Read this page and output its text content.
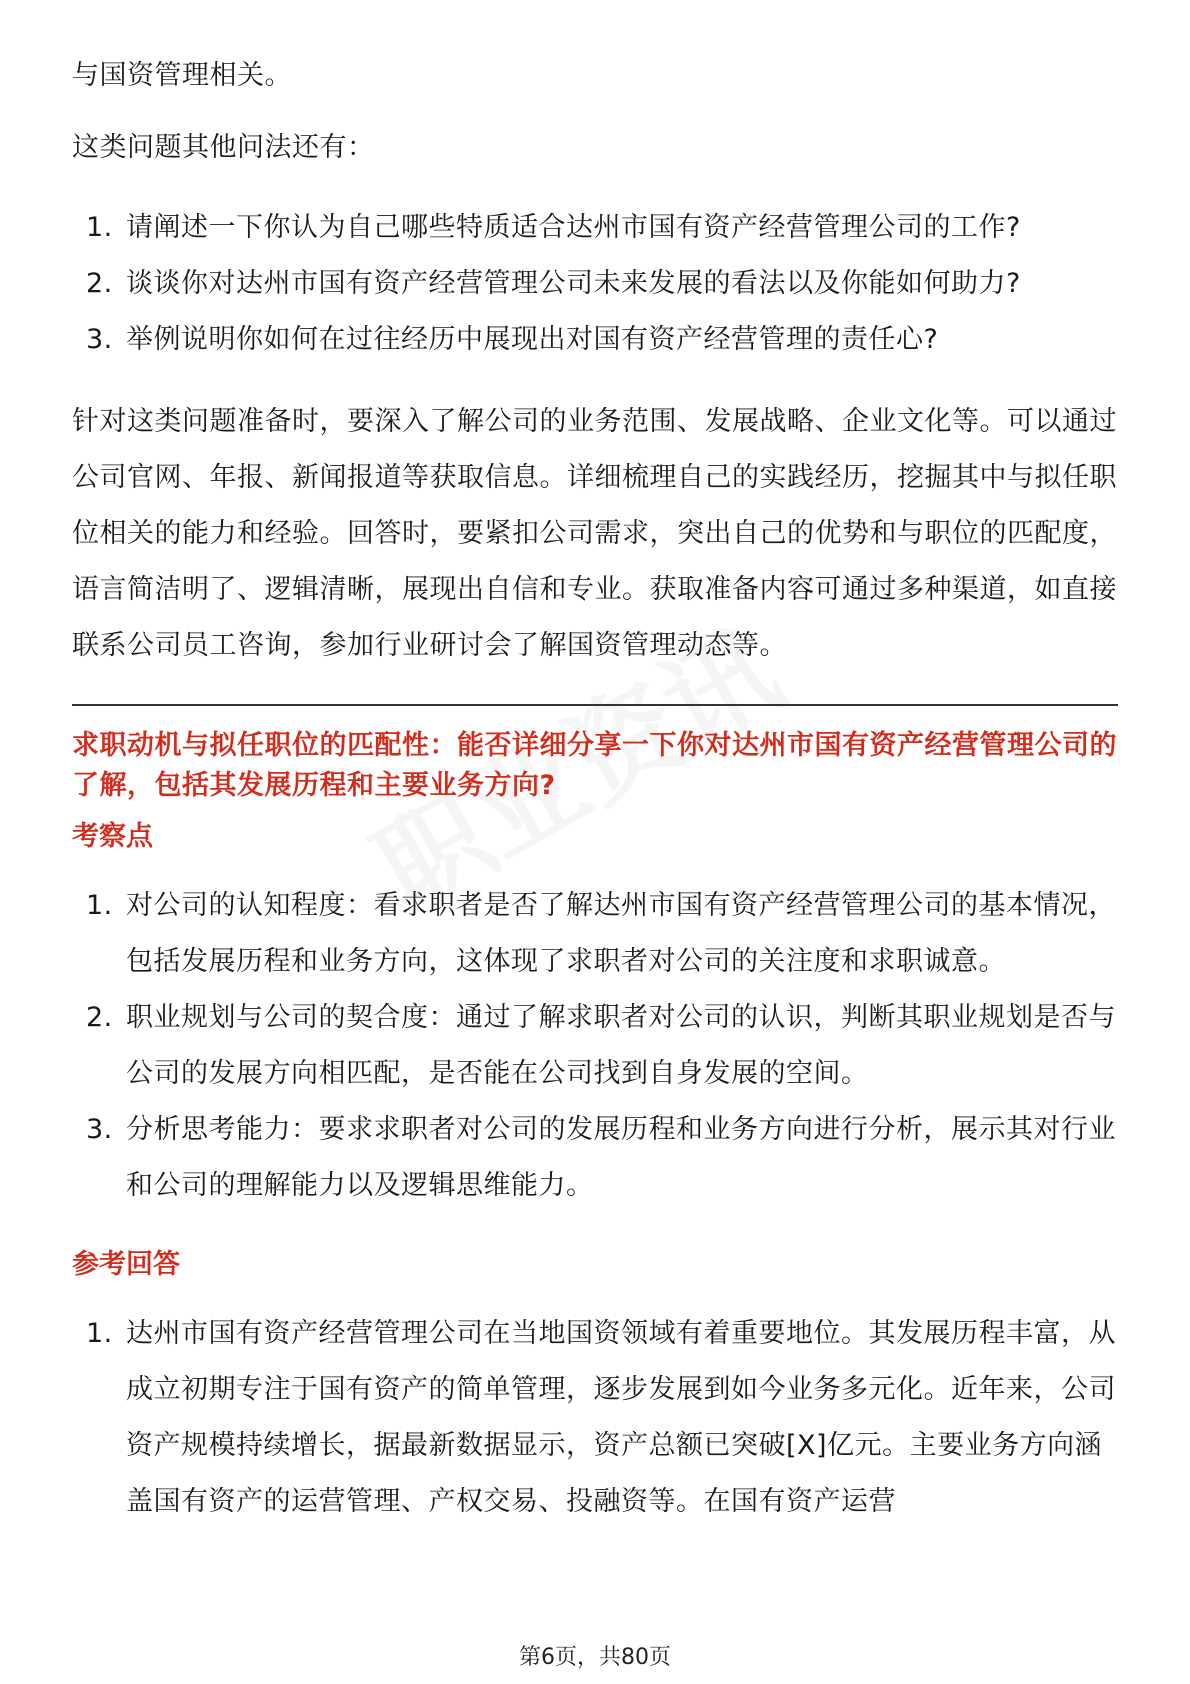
与国资管理相关。

这类问题其他问法还有：

1. 请阐述一下你认为自己哪些特质适合达州市国有资产经营管理公司的工作?
2. 谈谈你对达州市国有资产经营管理公司未来发展的看法以及你能如何助力?
3. 举例说明你如何在过往经历中展现出对国有资产经营管理的责任心?

针对这类问题准备时，要深入了解公司的业务范围、发展战略、企业文化等。可以通过公司官网、年报、新闻报道等获取信息。详细梳理自己的实践经历，挖掘其中与拟任职位相关的能力和经验。回答时，要紧扣公司需求，突出自己的优势和与职位的匹配度，语言简洁明了、逻辑清晰，展现出自信和专业。获取准备内容可通过多种渠道，如直接联系公司员工咨询，参加行业研讨会了解国资管理动态等。

求职动机与拟任职位的匹配性：能否详细分享一下你对达州市国有资产经营管理公司的了解，包括其发展历程和主要业务方向?
考察点
1. 对公司的认知程度：看求职者是否了解达州市国有资产经营管理公司的基本情况，包括发展历程和业务方向，这体现了求职者对公司的关注度和求职诚意。
2. 职业规划与公司的契合度：通过了解求职者对公司的认识，判断其职业规划是否与公司的发展方向相匹配，是否能在公司找到自身发展的空间。
3. 分析思考能力：要求求职者对公司的发展历程和业务方向进行分析，展示其对行业和公司的理解能力以及逻辑思维能力。
参考回答
1. 达州市国有资产经营管理公司在当地国资领域有着重要地位。其发展历程丰富，从成立初期专注于国有资产的简单管理，逐步发展到如今业务多元化。近年来，公司资产规模持续增长，据最新数据显示，资产总额已突破[X]亿元。主要业务方向涵盖国有资产的运营管理、产权交易、投融资等。在国有资产运营
第6页，共80页
